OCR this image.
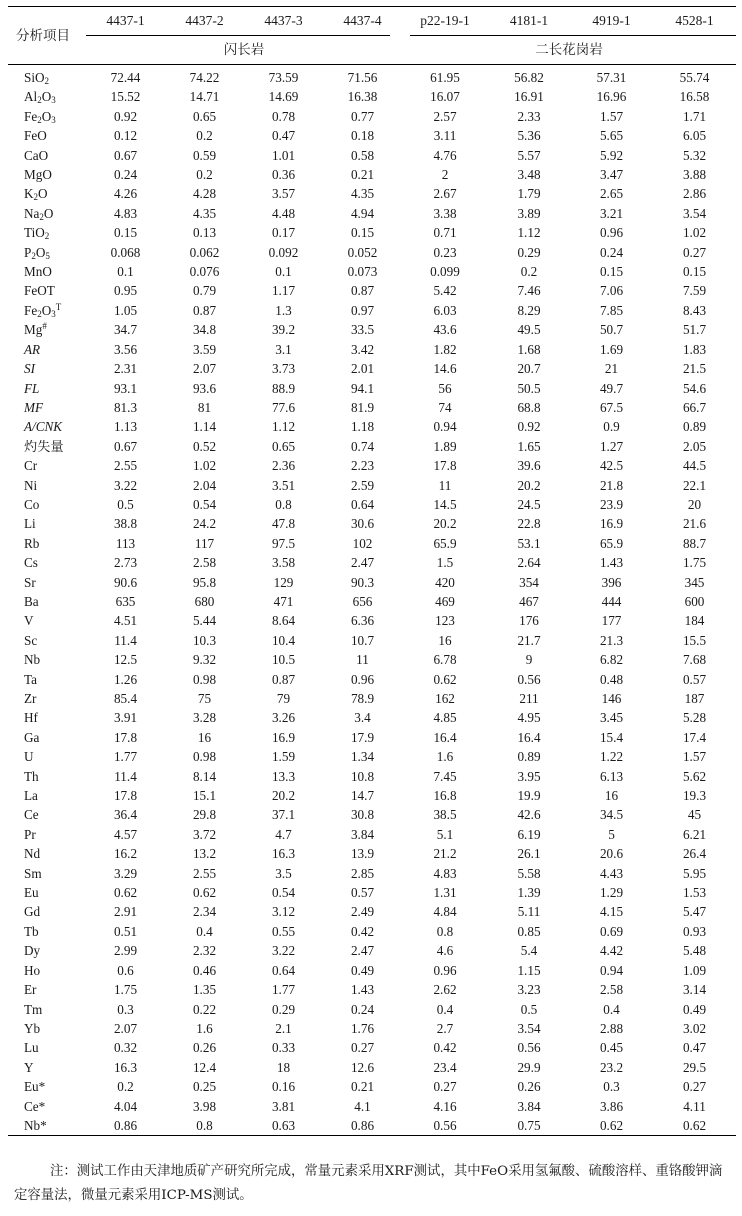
分析项目	4437-1	4437-2	4437-3	4437-4	p22-19-1	4181-1	4919-1	4528-1

闪长岩				二长花岗岩			
SiO$_2$	72.44	74.22	73.59	71.56	61.95	56.82	57.31	55.74
$Al_2O_3$	15.52	14.71	14.69	16.38	16.07	16.91	16.96	16.58
$Fe_2O_3$	0.92	0.65	0.78	0.77	2.57	2.33	1.57	1.71
FeO	0.12	0.2	0.47	0.18	3.11	5.36	5.65	6.05
CaO	0.67	0.59	1.01	0.58	4.76	5.57	5.92	5.32
MgO	0.24	0.2	0.36	0.21	2	3.48	3.47	3.88
$K_2O$	4.26	4.28	3.57	4.35	2.67	1.79	2.65	2.86
$Na_2O$	4.83	4.35	4.48	4.94	3.38	3.89	3.21	3.54
TiO$_2$	0.15	0.13	0.17	0.15	0.71	1.12	0.96	1.02
$P_2O_5$	0.068	0.062	0.092	0.052	0.23	0.29	0.24	0.27
MnO	0.1	0.076	0.1	0.073	0.099	0.2	0.15	0.15
FeOT	0.95	0.79	1.17	0.87	5.42	7.46	7.06	7.59
$Fe_2O_3^T$	1.05	0.87	1.3	0.97	6.03	8.29	7.85	8.43
Mg#	34.7	34.8	39.2	33.5	43.6	49.5	50.7	51.7
AR	3.56	3.59	3.1	3.42	1.82	1.68	1.69	1.83
SI	2.31	2.07	3.73	2.01	14.6	20.7	21	21.5
FL	93.1	93.6	88.9	94.1	56	50.5	49.7	54.6
MF	81.3	81	77.6	81.9	74	68.8	67.5	66.7
A/CNK	1.13	1.14	1.12	1.18	0.94	0.92	0.9	0.89
灼失量	0.67	0.52	0.65	0.74	1.89	1.65	1.27	2.05
Cr	2.55	1.02	2.36	2.23	17.8	39.6	42.5	44.5
Ni	3.22	2.04	3.51	2.59	11	20.2	21.8	22.1
Co	0.5	0.54	0.8	0.64	14.5	24.5	23.9	20
Li	38.8	24.2	47.8	30.6	20.2	22.8	16.9	21.6
Rb	113	117	97.5	102	65.9	53.1	65.9	88.7
Cs	2.73	2.58	3.58	2.47	1.5	2.64	1.43	1.75
Sr	90.6	95.8	129	90.3	420	354	396	345
Ba	635	680	471	656	469	467	444	600
V	4.51	5.44	8.64	6.36	123	176	177	184
Sc	11.4	10.3	10.4	10.7	16	21.7	21.3	15.5
Nb	12.5	9.32	10.5	11	6.78	9	6.82	7.68
Ta	1.26	0.98	0.87	0.96	0.62	0.56	0.48	0.57
Zr	85.4	75	79	78.9	162	211	146	187
Hf	3.91	3.28	3.26	3.4	4.85	4.95	3.45	5.28
Ga	17.8	16	16.9	17.9	16.4	16.4	15.4	17.4
U	1.77	0.98	1.59	1.34	1.6	0.89	1.22	1.57
Th	11.4	8.14	13.3	10.8	7.45	3.95	6.13	5.62
La	17.8	15.1	20.2	14.7	16.8	19.9	16	19.3
Ce	36.4	29.8	37.1	30.8	38.5	42.6	34.5	45
Pr	4.57	3.72	4.7	3.84	5.1	6.19	5	6.21
Nd	16.2	13.2	16.3	13.9	21.2	26.1	20.6	26.4
Sm	3.29	2.55	3.5	2.85	4.83	5.58	4.43	5.95
Eu	0.62	0.62	0.54	0.57	1.31	1.39	1.29	1.53
Gd	2.91	2.34	3.12	2.49	4.84	5.11	4.15	5.47
Tb	0.51	0.4	0.55	0.42	0.8	0.85	0.69	0.93
Dy	2.99	2.32	3.22	2.47	4.6	5.4	4.42	5.48
Ho	0.6	0.46	0.64	0.49	0.96	1.15	0.94	1.09
Er	1.75	1.35	1.77	1.43	2.62	3.23	2.58	3.14
Tm	0.3	0.22	0.29	0.24	0.4	0.5	0.4	0.49
Yb	2.07	1.6	2.1	1.76	2.7	3.54	2.88	3.02
Lu	0.32	0.26	0.33	0.27	0.42	0.56	0.45	0.47
Y	16.3	12.4	18	12.6	23.4	29.9	23.2	29.5
Eu*	0.2	0.25	0.16	0.21	0.27	0.26	0.3	0.27
Ce*	4.04	3.98	3.81	4.1	4.16	3.84	3.86	4.11
Nb*	0.86	0.8	0.63	0.86	0.56	0.75	0.62	0.62
注：测试工作由天津地质矿产研究所完成，常量元素采用XRF测试，其中FeO采用氢氟酸、硫酸溶样、重铬酸钾滴定容量法，微量元素采用ICP-MS测试。
